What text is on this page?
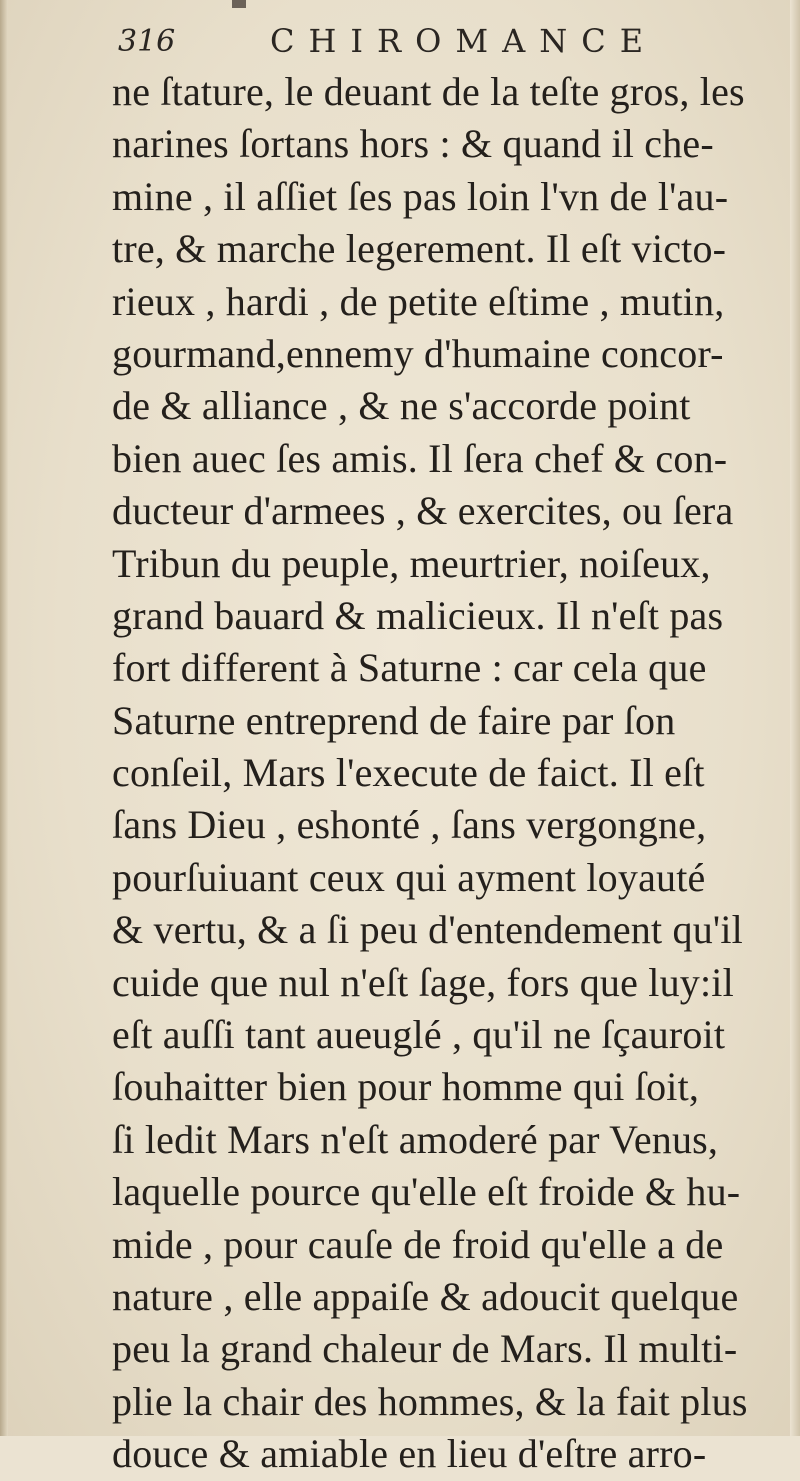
316	CHIROMANCE
ne ſtature, le deuant de la teſte gros, les
narines ſortans hors : & quand il che-
mine , il aſſiet ſes pas loin l'vn de l'au-
tre, & marche legerement. Il eſt victo-
rieux , hardi , de petite eſtime , mutin,
gourmand,ennemy d'humaine concor-
de & alliance , & ne s'accorde point
bien auec ſes amis. Il ſera chef & con-
ducteur d'armees , & exercites, ou ſera
Tribun du peuple, meurtrier, noiſeux,
grand bauard & malicieux. Il n'eſt pas
fort different à Saturne : car cela que
Saturne entreprend de faire par ſon
conſeil, Mars l'execute de faict. Il eſt
ſans Dieu , eshonté , ſans vergongne,
pourſuiuant ceux qui ayment loyauté
& vertu, & a ſi peu d'entendement qu'il
cuide que nul n'eſt ſage, fors que luy:il
eſt auſſi tant aueuglé , qu'il ne ſçauroit
ſouhaitter bien pour homme qui ſoit,
ſi ledit Mars n'eſt amoderé par Venus,
laquelle pource qu'elle eſt froide & hu-
mide , pour cauſe de froid qu'elle a de
nature , elle appaiſe & adoucit quelque
peu la grand chaleur de Mars. Il multi-
plie la chair des hommes, & la fait plus
douce & amiable en lieu d'eſtre arro-
